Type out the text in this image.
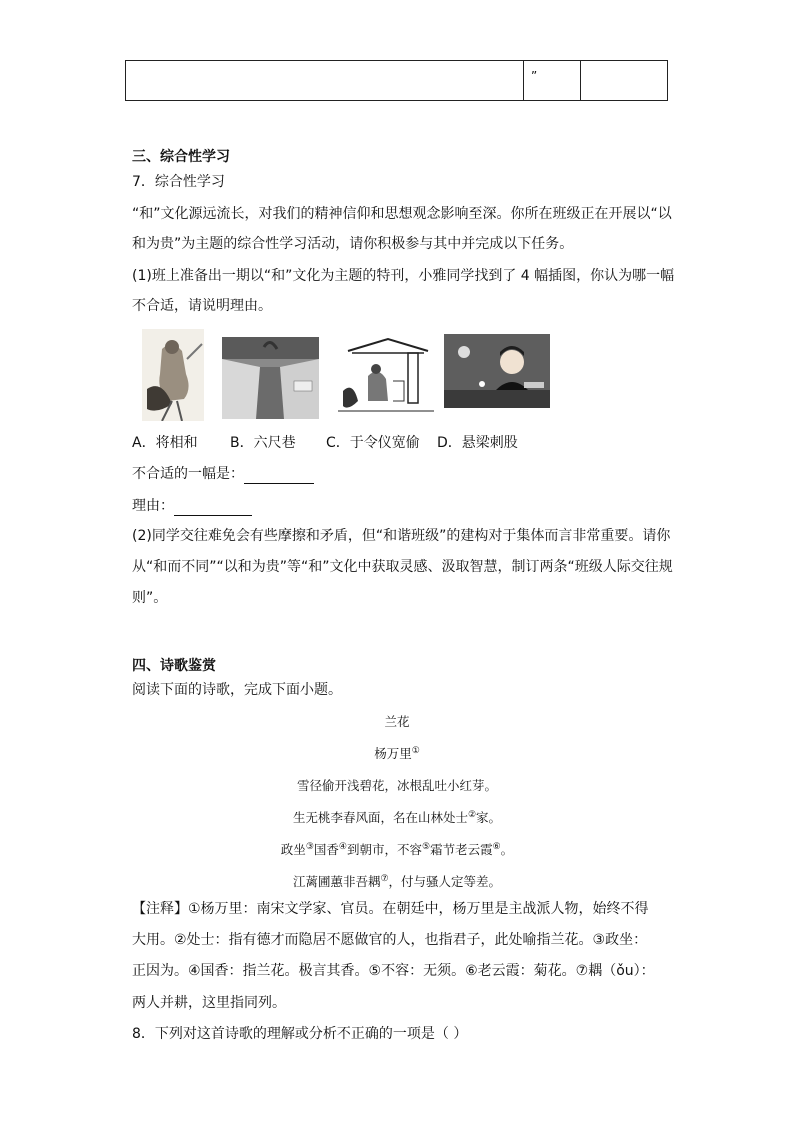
”
三、综合性学习
7．综合性学习
“和”文化源远流长，对我们的精神信仰和思想观念影响至深。你所在班级正在开展以“以
和为贵”为主题的综合性学习活动，请你积极参与其中并完成以下任务。
(1)班上准备出一期以“和”文化为主题的特刊，小雅同学找到了 4 幅插图，你认为哪一幅
不合适，请说明理由。
A．将相和 B．六尺巷 C．于令仪宽偷 D．悬梁刺股
不合适的一幅是：
理由：
(2)同学交往难免会有些摩擦和矛盾，但“和谐班级”的建构对于集体而言非常重要。请你
从“和而不同”“以和为贵”等“和”文化中获取灵感、汲取智慧，制订两条“班级人际交往规
则”。
四、诗歌鉴赏
阅读下面的诗歌，完成下面小题。
兰花
杨万里①
雪径偷开浅碧花，冰根乱吐小红芽。
生无桃李春风面，名在山林处士②家。
政坐③国香④到朝市，不容⑤霜节老云霞⑥。
江蓠圃蕙非吾耦⑦，付与骚人定等差。
【注释】①杨万里：南宋文学家、官员。在朝廷中，杨万里是主战派人物，始终不得
大用。②处士：指有德才而隐居不愿做官的人，也指君子，此处喻指兰花。③政坐：
正因为。④国香：指兰花。极言其香。⑤不容：无须。⑥老云霞：菊花。⑦耦（ǒu）：
两人并耕，这里指同列。
8．下列对这首诗歌的理解或分析不正确的一项是（ ）
